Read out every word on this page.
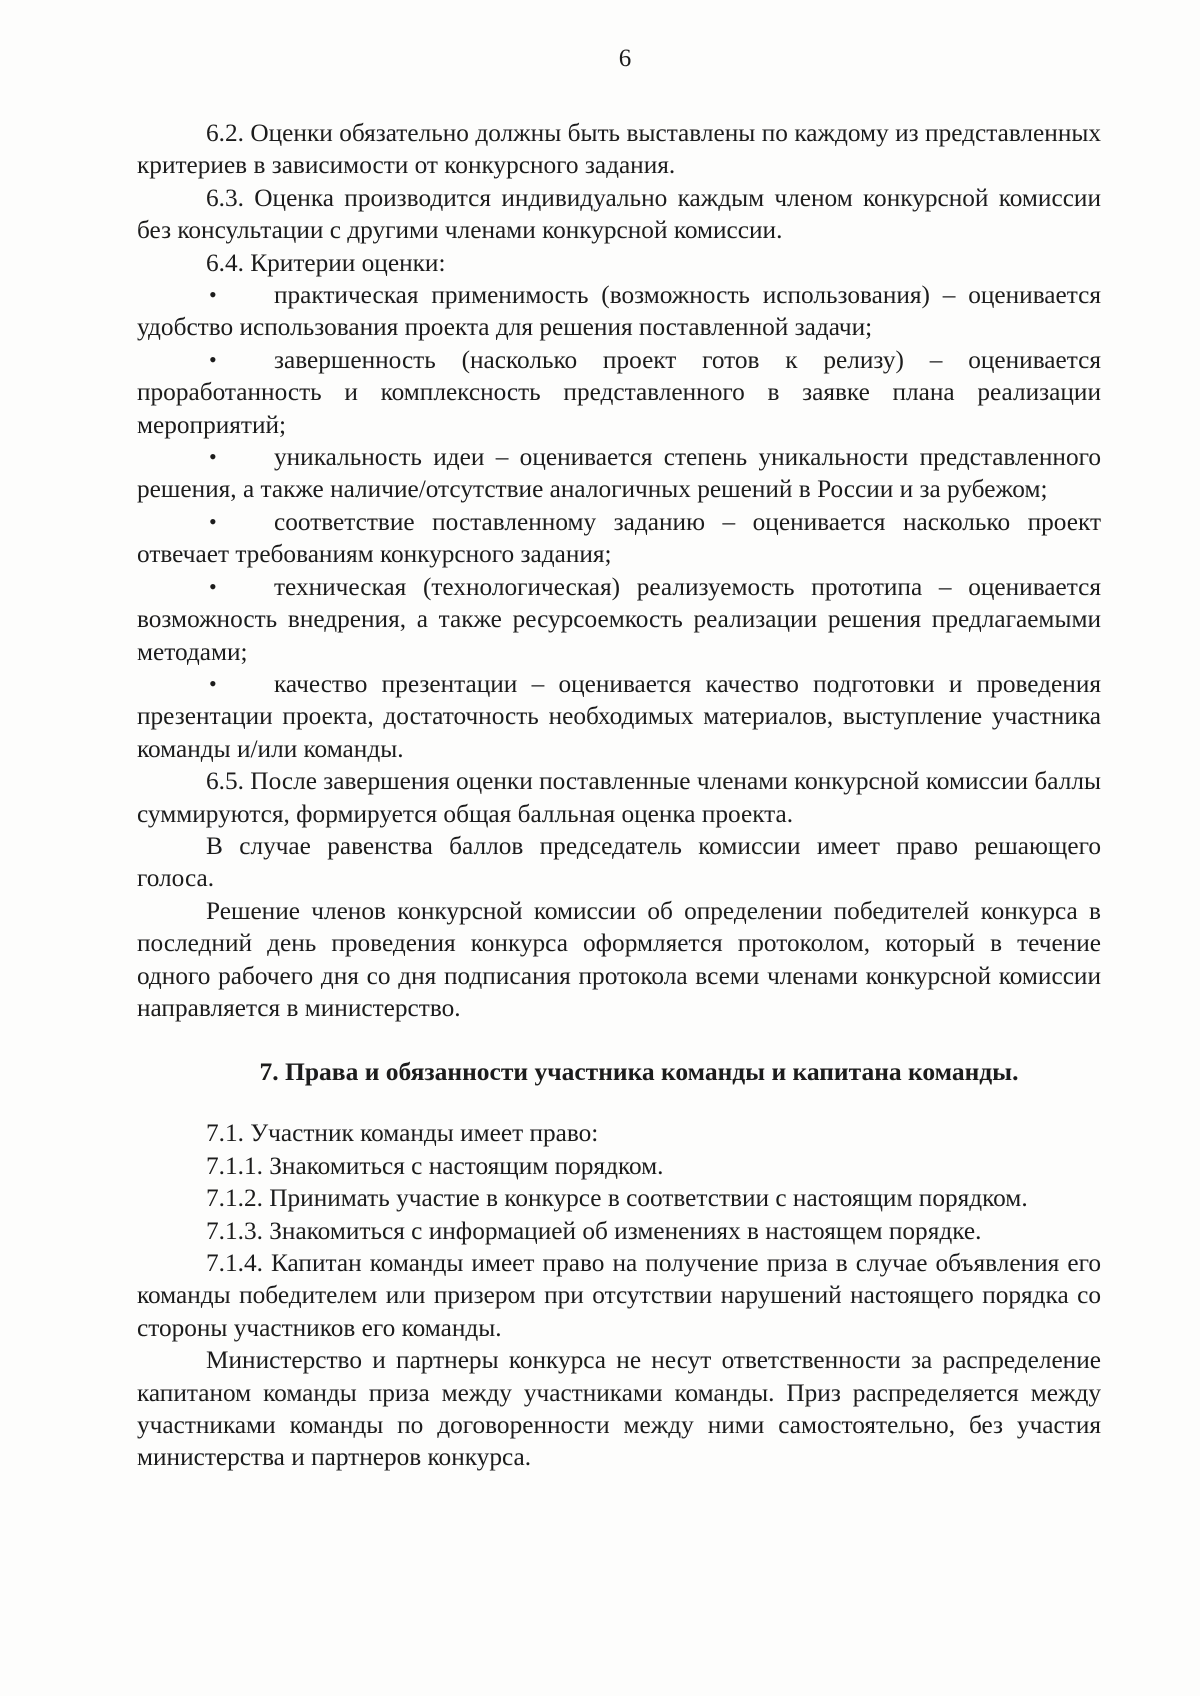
6

6.2. Оценки обязательно должны быть выставлены по каждому из представленных критериев в зависимости от конкурсного задания.

6.3. Оценка производится индивидуально каждым членом конкурсной комиссии без консультации с другими членами конкурсной комиссии.

6.4. Критерии оценки:

• практическая применимость (возможность использования) – оценивается удобство использования проекта для решения поставленной задачи;

• завершенность (насколько проект готов к релизу) – оценивается проработанность и комплексность представленного в заявке плана реализации мероприятий;

• уникальность идеи – оценивается степень уникальности представленного решения, а также наличие/отсутствие аналогичных решений в России и за рубежом;

• соответствие поставленному заданию – оценивается насколько проект отвечает требованиям конкурсного задания;

• техническая (технологическая) реализуемость прототипа – оценивается возможность внедрения, а также ресурсоемкость реализации решения предлагаемыми методами;

• качество презентации – оценивается качество подготовки и проведения презентации проекта, достаточность необходимых материалов, выступление участника команды и/или команды.

6.5. После завершения оценки поставленные членами конкурсной комиссии баллы суммируются, формируется общая балльная оценка проекта.

В случае равенства баллов председатель комиссии имеет право решающего голоса.

Решение членов конкурсной комиссии об определении победителей конкурса в последний день проведения конкурса оформляется протоколом, который в течение одного рабочего дня со дня подписания протокола всеми членами конкурсной комиссии направляется в министерство.

7. Права и обязанности участника команды и капитана команды.

7.1. Участник команды имеет право:

7.1.1. Знакомиться с настоящим порядком.

7.1.2. Принимать участие в конкурсе в соответствии с настоящим порядком.

7.1.3. Знакомиться с информацией об изменениях в настоящем порядке.

7.1.4. Капитан команды имеет право на получение приза в случае объявления его команды победителем или призером при отсутствии нарушений настоящего порядка со стороны участников его команды.

Министерство и партнеры конкурса не несут ответственности за распределение капитаном команды приза между участниками команды. Приз распределяется между участниками команды по договоренности между ними самостоятельно, без участия министерства и партнеров конкурса.
